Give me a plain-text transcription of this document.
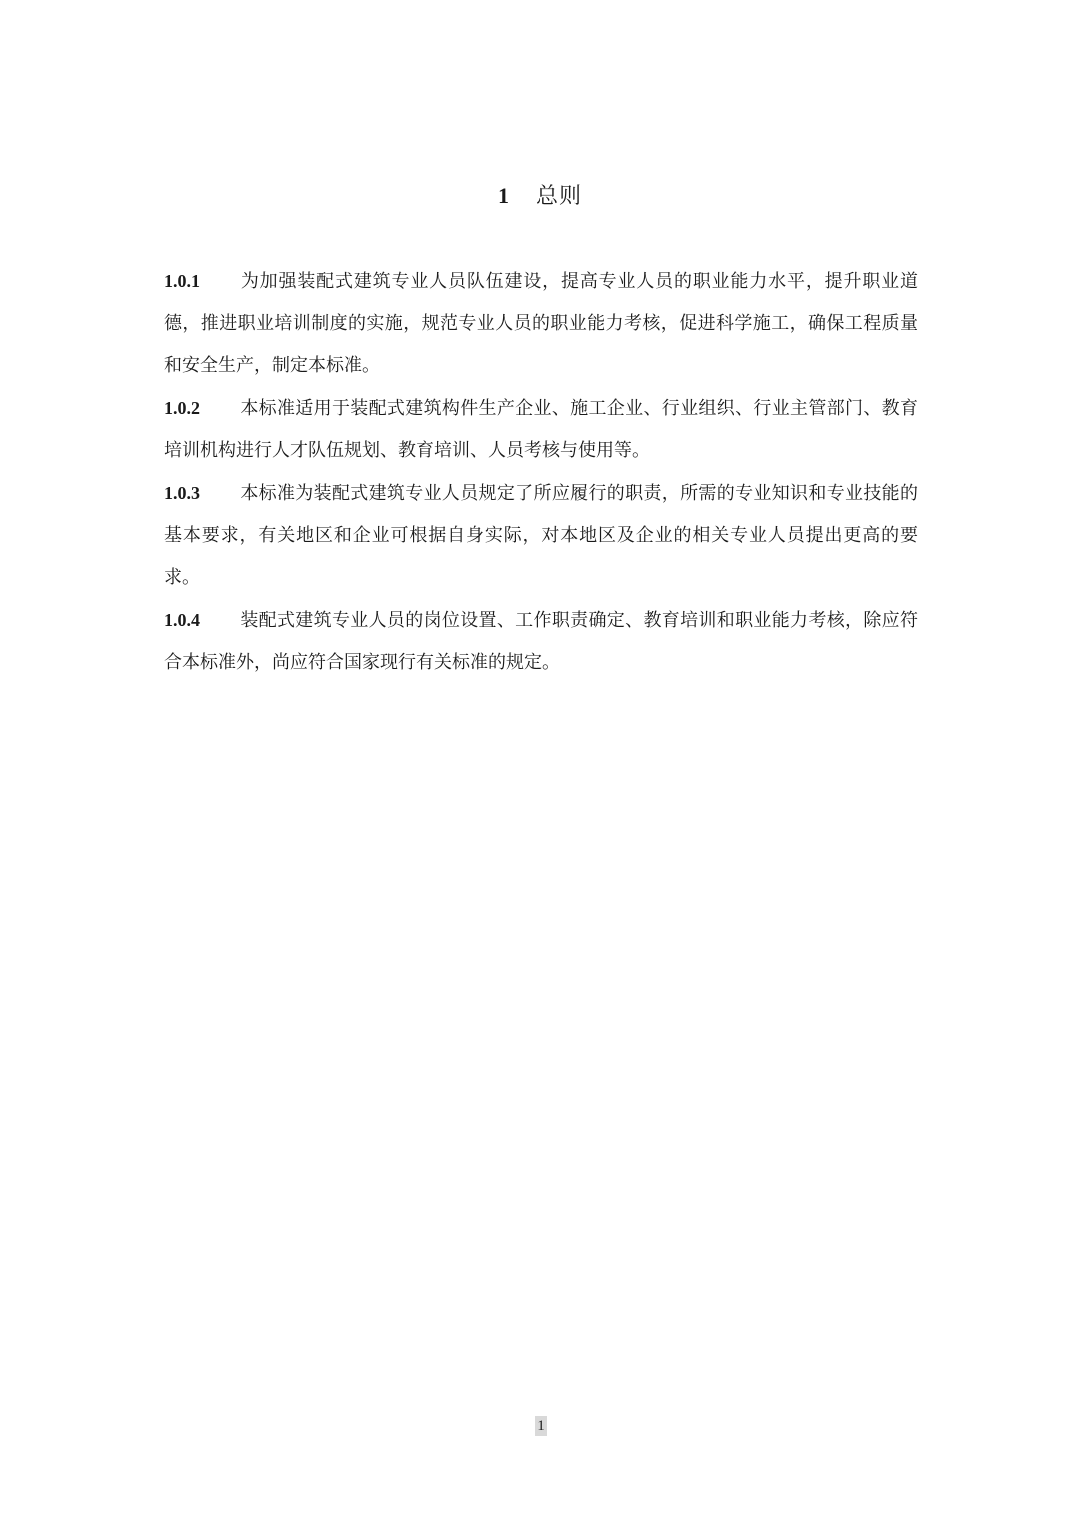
1 总则

1.0.1 为加强装配式建筑专业人员队伍建设，提高专业人员的职业能力水平，提升职业道德，推进职业培训制度的实施，规范专业人员的职业能力考核，促进科学施工，确保工程质量和安全生产，制定本标准。

1.0.2 本标准适用于装配式建筑构件生产企业、施工企业、行业组织、行业主管部门、教育培训机构进行人才队伍规划、教育培训、人员考核与使用等。

1.0.3 本标准为装配式建筑专业人员规定了所应履行的职责，所需的专业知识和专业技能的基本要求，有关地区和企业可根据自身实际，对本地区及企业的相关专业人员提出更高的要求。

1.0.4 装配式建筑专业人员的岗位设置、工作职责确定、教育培训和职业能力考核，除应符合本标准外，尚应符合国家现行有关标准的规定。

1
